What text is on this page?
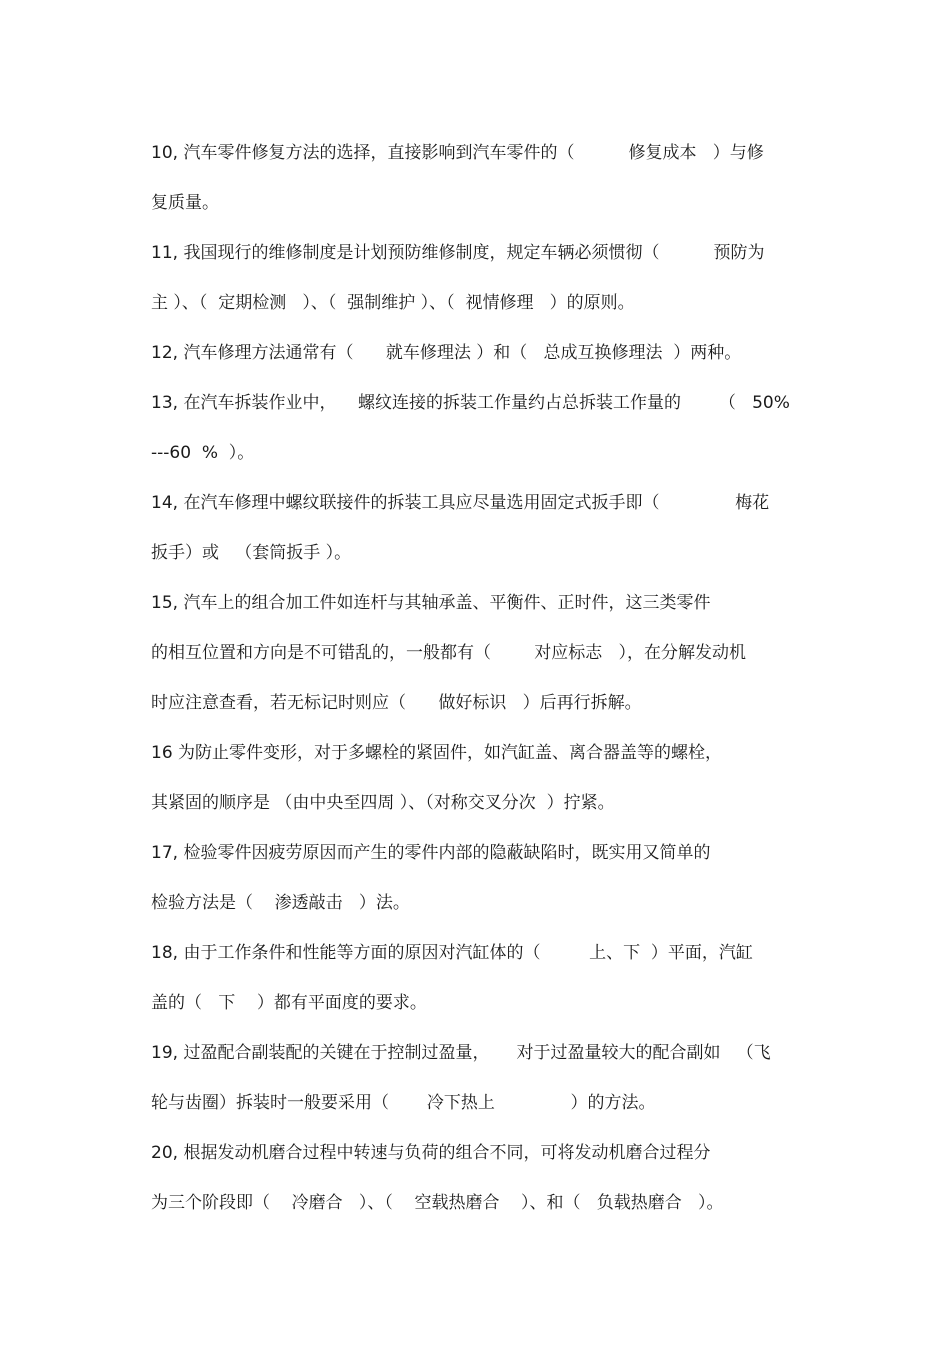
10, 汽车零件修复方法的选择，直接影响到汽车零件的（          修复成本   ）与修
复质量。
11, 我国现行的维修制度是计划预防维修制度，规定车辆必须惯彻（          预防为
主 ）、（  定期检测   ）、（  强制维护 ）、（  视情修理   ）的原则。
12, 汽车修理方法通常有（      就车修理法 ）和（   总成互换修理法  ）两种。
13, 在汽车拆装作业中，    螺纹连接的拆装工作量约占总拆装工作量的       （   50%
---60  %  ）。
14, 在汽车修理中螺纹联接件的拆装工具应尽量选用固定式扳手即（              梅花
扳手）或   （套筒扳手 ）。
15, 汽车上的组合加工件如连杆与其轴承盖、平衡件、正时件，这三类零件
的相互位置和方向是不可错乱的，一般都有（        对应标志   ），在分解发动机
时应注意查看，若无标记时则应（      做好标识   ）后再行拆解。
16 为防止零件变形，对于多螺栓的紧固件，如汽缸盖、离合器盖等的螺栓，
其紧固的顺序是 （由中央至四周 ）、（对称交叉分次  ）拧紧。
17, 检验零件因疲劳原因而产生的零件内部的隐蔽缺陷时，既实用又简单的
检验方法是（    渗透敲击   ）法。
18, 由于工作条件和性能等方面的原因对汽缸体的（         上、下  ）平面，汽缸
盖的（   下    ）都有平面度的要求。
19, 过盈配合副装配的关键在于控制过盈量，     对于过盈量较大的配合副如   （飞
轮与齿圈）拆装时一般要采用（       冷下热上              ）的方法。
20, 根据发动机磨合过程中转速与负荷的组合不同，可将发动机磨合过程分
为三个阶段即（    冷磨合   ）、（    空载热磨合    ）、和（   负载热磨合   ）。
